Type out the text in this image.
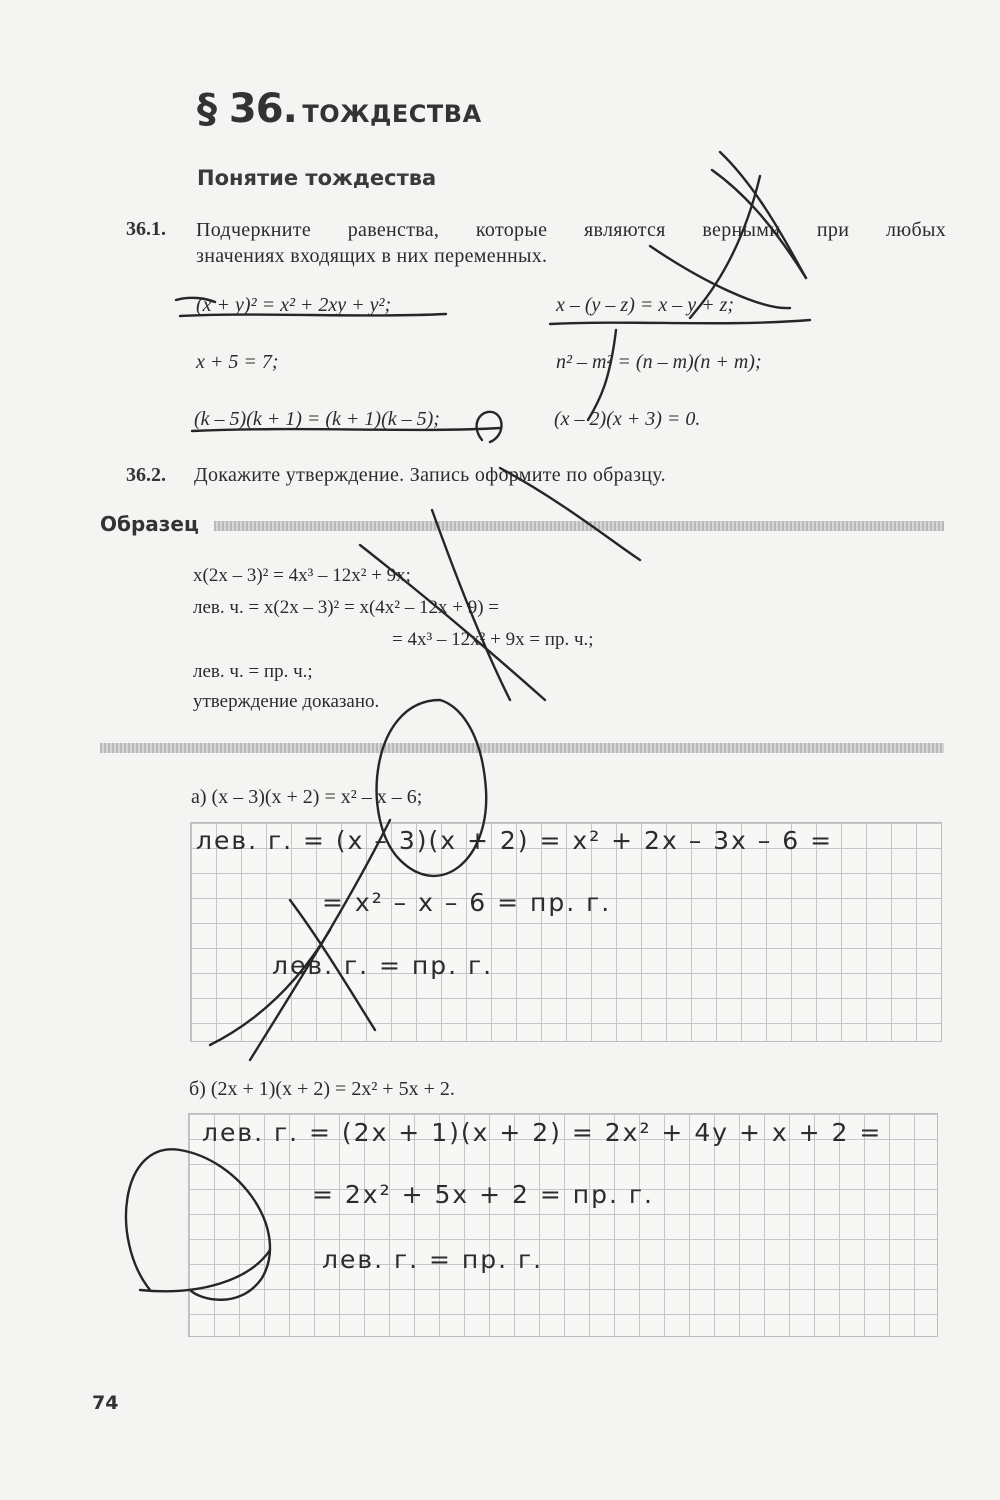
§ 36. ТОЖДЕСТВА
Понятие тождества
36.1. Подчеркните равенства, которые являются верными при любых
значениях входящих в них переменных.
(x + y)² = x² + 2xy + y²;	x – (y – z) = x – y + z;
x + 5 = 7;	n² – m² = (n – m)(n + m);
(k – 5)(k + 1) = (k + 1)(k – 5);	(x – 2)(x + 3) = 0.
36.2. Докажите утверждение. Запись оформите по образцу.
Образец
x(2x – 3)² = 4x³ – 12x² + 9x;
лев. ч. = x(2x – 3)² = x(4x² – 12x + 9) =
= 4x³ – 12x² + 9x = пр. ч.;
лев. ч. = пр. ч.;
утверждение доказано.
а) (x – 3)(x + 2) = x² – x – 6;
лев. г. = (x – 3)(x + 2) = x² + 2x – 3x – 6 =
= x² – x – 6 = пр. г.
лев. г. = пр. г.
б) (2x + 1)(x + 2) = 2x² + 5x + 2.
лев. г. = (2x + 1)(x + 2) = 2x² + 4y + x + 2 =
= 2x² + 5x + 2 = пр. г.
лев. г. = пр. г.
74
